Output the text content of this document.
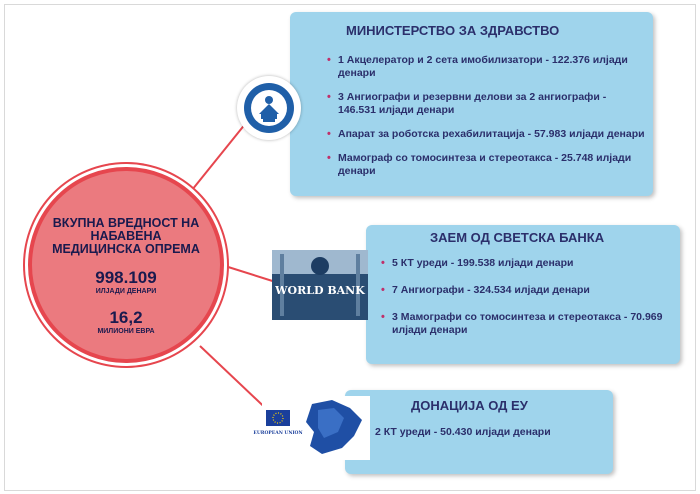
ВКУПНА ВРЕДНОСТ НА НАБАВЕНА МЕДИЦИНСКА ОПРЕМА
998.109
ИЛЈАДИ ДЕНАРИ
16,2
МИЛИОНИ ЕВРА
МИНИСТЕРСТВО ЗА ЗДРАВСТВО
• 1 Акцелератор и 2 сета имобилизатори - 122.376 илјади денари
• 3 Ангиографи и резервни делови за 2 ангиографи - 146.531 илјади денари
• Апарат за роботска рехабилитација - 57.983 илјади денари
• Мамограф со томосинтеза и стереотакса - 25.748 илјади денари
ЗАЕМ ОД СВЕТСКА БАНКА
• 5 КТ уреди - 199.538 илјади денари
• 7 Ангиографи - 324.534 илјади денари
• 3 Мамографи со томосинтеза и стереотакса - 70.969 илјади денари
WORLD BANK
ДОНАЦИЈА ОД ЕУ
• 2 КТ уреди - 50.430 илјади денари
EUROPEAN UNION
